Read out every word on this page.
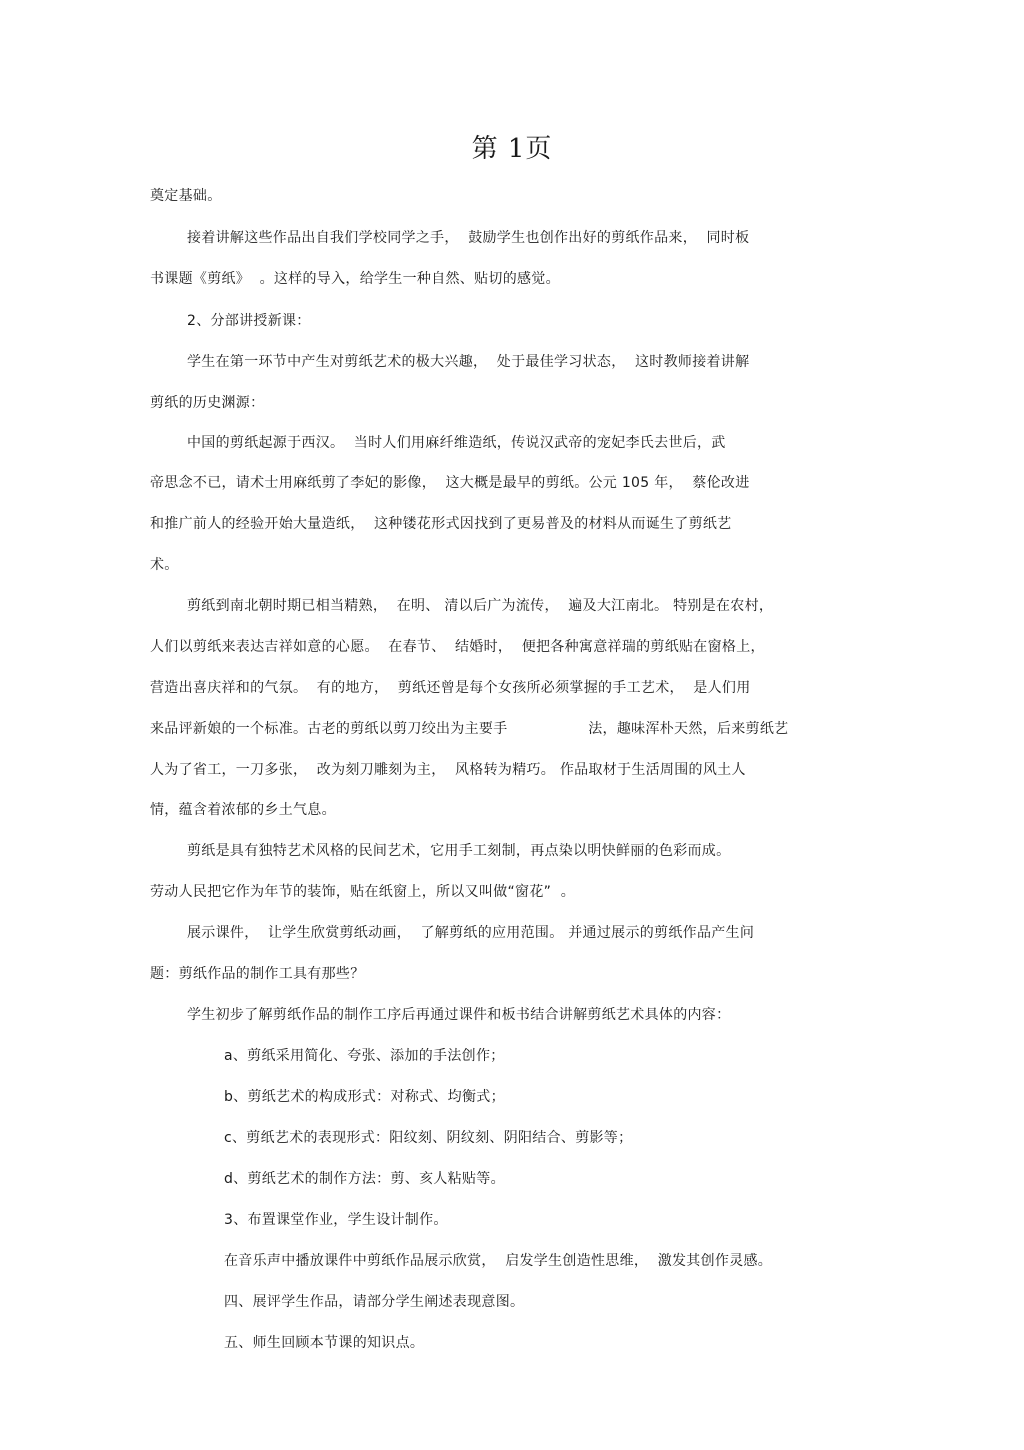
第 1页
奠定基础。
接着讲解这些作品出自我们学校同学之手，  鼓励学生也创作出好的剪纸作品来，  同时板
书课题《剪纸》  。这样的导入，给学生一种自然、贴切的感觉。
2、分部讲授新课：
学生在第一环节中产生对剪纸艺术的极大兴趣，  处于最佳学习状态，  这时教师接着讲解
剪纸的历史渊源：
中国的剪纸起源于西汉。  当时人们用麻纤维造纸，传说汉武帝的宠妃李氏去世后，武
帝思念不已，请术士用麻纸剪了李妃的影像，  这大概是最早的剪纸。公元 105 年，  蔡伦改进
和推广前人的经验开始大量造纸，  这种镂花形式因找到了更易普及的材料从而诞生了剪纸艺
术。
剪纸到南北朝时期已相当精熟，  在明、 清以后广为流传，  遍及大江南北。 特别是在农村，
人们以剪纸来表达吉祥如意的心愿。  在春节、  结婚时，  便把各种寓意祥瑞的剪纸贴在窗格上，
营造出喜庆祥和的气氛。  有的地方，  剪纸还曾是每个女孩所必须掌握的手工艺术，  是人们用
来品评新娘的一个标准。古老的剪纸以剪刀绞出为主要手                 法，趣味浑朴天然，后来剪纸艺
人为了省工，一刀多张，  改为刻刀雕刻为主，  风格转为精巧。 作品取材于生活周围的风土人
情，蕴含着浓郁的乡土气息。
剪纸是具有独特艺术风格的民间艺术，它用手工刻制，再点染以明快鲜丽的色彩而成。
劳动人民把它作为年节的装饰，贴在纸窗上，所以又叫做“窗花”  。
展示课件，  让学生欣赏剪纸动画，  了解剪纸的应用范围。 并通过展示的剪纸作品产生问
题：剪纸作品的制作工具有那些？
学生初步了解剪纸作品的制作工序后再通过课件和板书结合讲解剪纸艺术具体的内容：
a、剪纸采用简化、夸张、添加的手法创作；
b、剪纸艺术的构成形式：对称式、均衡式；
c、剪纸艺术的表现形式：阳纹刻、阴纹刻、阴阳结合、剪影等；
d、剪纸艺术的制作方法：剪、亥人粘贴等。
3、布置课堂作业，学生设计制作。
在音乐声中播放课件中剪纸作品展示欣赏，  启发学生创造性思维，  激发其创作灵感。
四、展评学生作品，请部分学生阐述表现意图。
五、师生回顾本节课的知识点。
